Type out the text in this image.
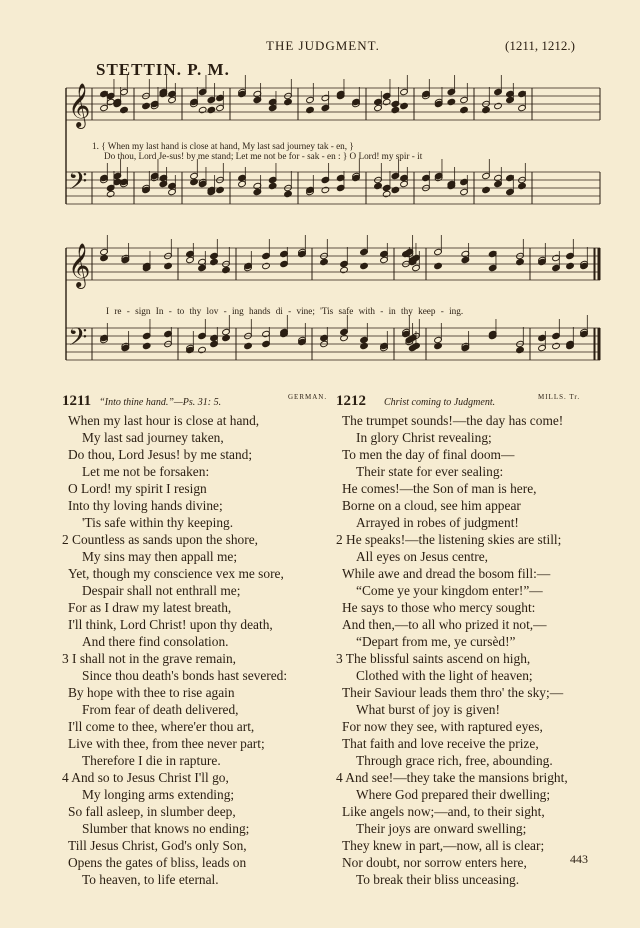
THE JUDGMENT.	(1211, 1212.)
STETTIN. P. M.
𝄞
𝄢
𝄞
𝄢
1. { When my last hand is close at hand, My last sad journey tak - en, }
Do thou, Lord Je-sus! by me stand; Let me not be for - sak - en : } O Lord! my spir - it
I re - sign In - to thy lov - ing hands di - vine; 'Tis safe with - in thy keep - ing.
1211 “Into thine hand.”—Ps. 31: 5.	GERMAN.
When my last hour is close at hand,
My last sad journey taken,
Do thou, Lord Jesus! by me stand;
Let me not be forsaken:
O Lord! my spirit I resign
Into thy loving hands divine;
'Tis safe within thy keeping.
2 Countless as sands upon the shore,
My sins may then appall me;
Yet, though my conscience vex me sore,
Despair shall not enthrall me;
For as I draw my latest breath,
I'll think, Lord Christ! upon thy death,
And there find consolation.
3 I shall not in the grave remain,
Since thou death's bonds hast severed:
By hope with thee to rise again
From fear of death delivered,
I'll come to thee, where'er thou art,
Live with thee, from thee never part;
Therefore I die in rapture.
4 And so to Jesus Christ I'll go,
My longing arms extending;
So fall asleep, in slumber deep,
Slumber that knows no ending;
Till Jesus Christ, God's only Son,
Opens the gates of bliss, leads on
To heaven, to life eternal.
1212 Christ coming to Judgment.	MILLS. Tr.
The trumpet sounds!—the day has come!
In glory Christ revealing;
To men the day of final doom—
Their state for ever sealing:
He comes!—the Son of man is here,
Borne on a cloud, see him appear
Arrayed in robes of judgment!
2 He speaks!—the listening skies are still;
All eyes on Jesus centre,
While awe and dread the bosom fill:—
“Come ye your kingdom enter!”—
He says to those who mercy sought:
And then,—to all who prized it not,—
“Depart from me, ye cursèd!”
3 The blissful saints ascend on high,
Clothed with the light of heaven;
Their Saviour leads them thro' the sky;—
What burst of joy is given!
For now they see, with raptured eyes,
That faith and love receive the prize,
Through grace rich, free, abounding.
4 And see!—they take the mansions bright,
Where God prepared their dwelling;
Like angels now;—and, to their sight,
Their joys are onward swelling;
They knew in part,—now, all is clear;
Nor doubt, nor sorrow enters here,
To break their bliss unceasing.
443
